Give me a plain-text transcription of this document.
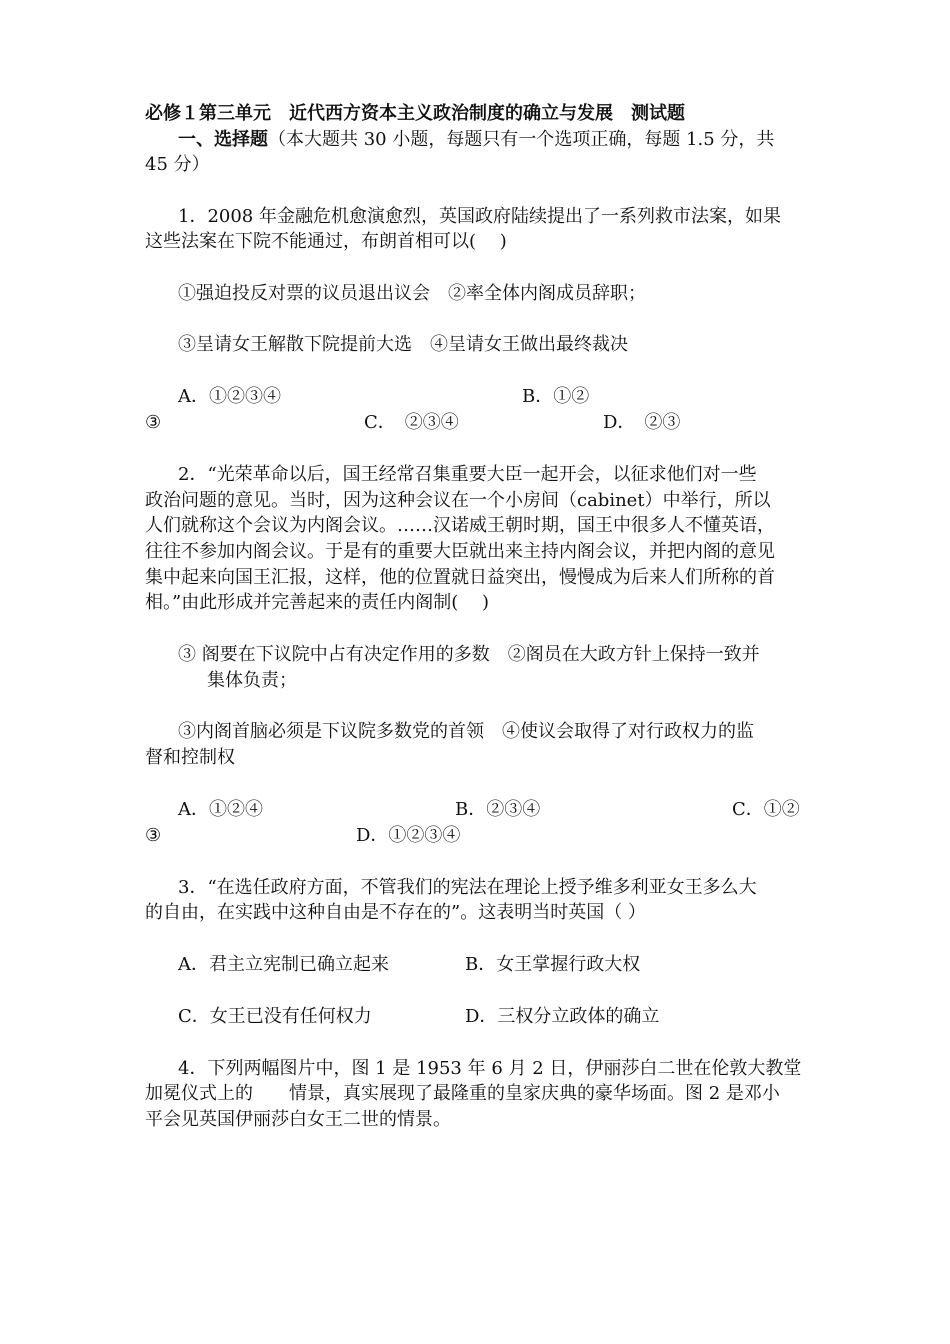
必修１第三单元　近代西方资本主义政治制度的确立与发展　测试题
一、选择题（本大题共 30 小题，每题只有一个选项正确，每题 1.5 分，共
45 分）
1．2008 年金融危机愈演愈烈，英国政府陆续提出了一系列救市法案，如果
这些法案在下院不能通过，布朗首相可以(　 )
①强迫投反对票的议员退出议会　②率全体内阁成员辞职；
③呈请女王解散下院提前大选　④呈请女王做出最终裁决
A．①②③④	B．①②
③	C．　②③④	D．　②③
2．“光荣革命以后，国王经常召集重要大臣一起开会，以征求他们对一些
政治问题的意见。当时，因为这种会议在一个小房间（cabinet）中举行，所以
人们就称这个会议为内阁会议。……汉诺威王朝时期，国王中很多人不懂英语，
往往不参加内阁会议。于是有的重要大臣就出来主持内阁会议，并把内阁的意见
集中起来向国王汇报，这样，他的位置就日益突出，慢慢成为后来人们所称的首
相。”由此形成并完善起来的责任内阁制(　 )
③ 阁要在下议院中占有决定作用的多数　②阁员在大政方针上保持一致并
集体负责；
③内阁首脑必须是下议院多数党的首领　④使议会取得了对行政权力的监
督和控制权
A．①②④	B．②③④	C．①②
③	D．①②③④
3．“在选任政府方面，不管我们的宪法在理论上授予维多利亚女王多么大
的自由，在实践中这种自由是不存在的”。这表明当时英国（ ）
A．君主立宪制已确立起来	B．女王掌握行政大权
C．女王已没有任何权力	D．三权分立政体的确立
4．下列两幅图片中，图 1 是 1953 年 6 月 2 日，伊丽莎白二世在伦敦大教堂
加冕仪式上的　　情景，真实展现了最隆重的皇家庆典的豪华场面。图 2 是邓小
平会见英国伊丽莎白女王二世的情景。
